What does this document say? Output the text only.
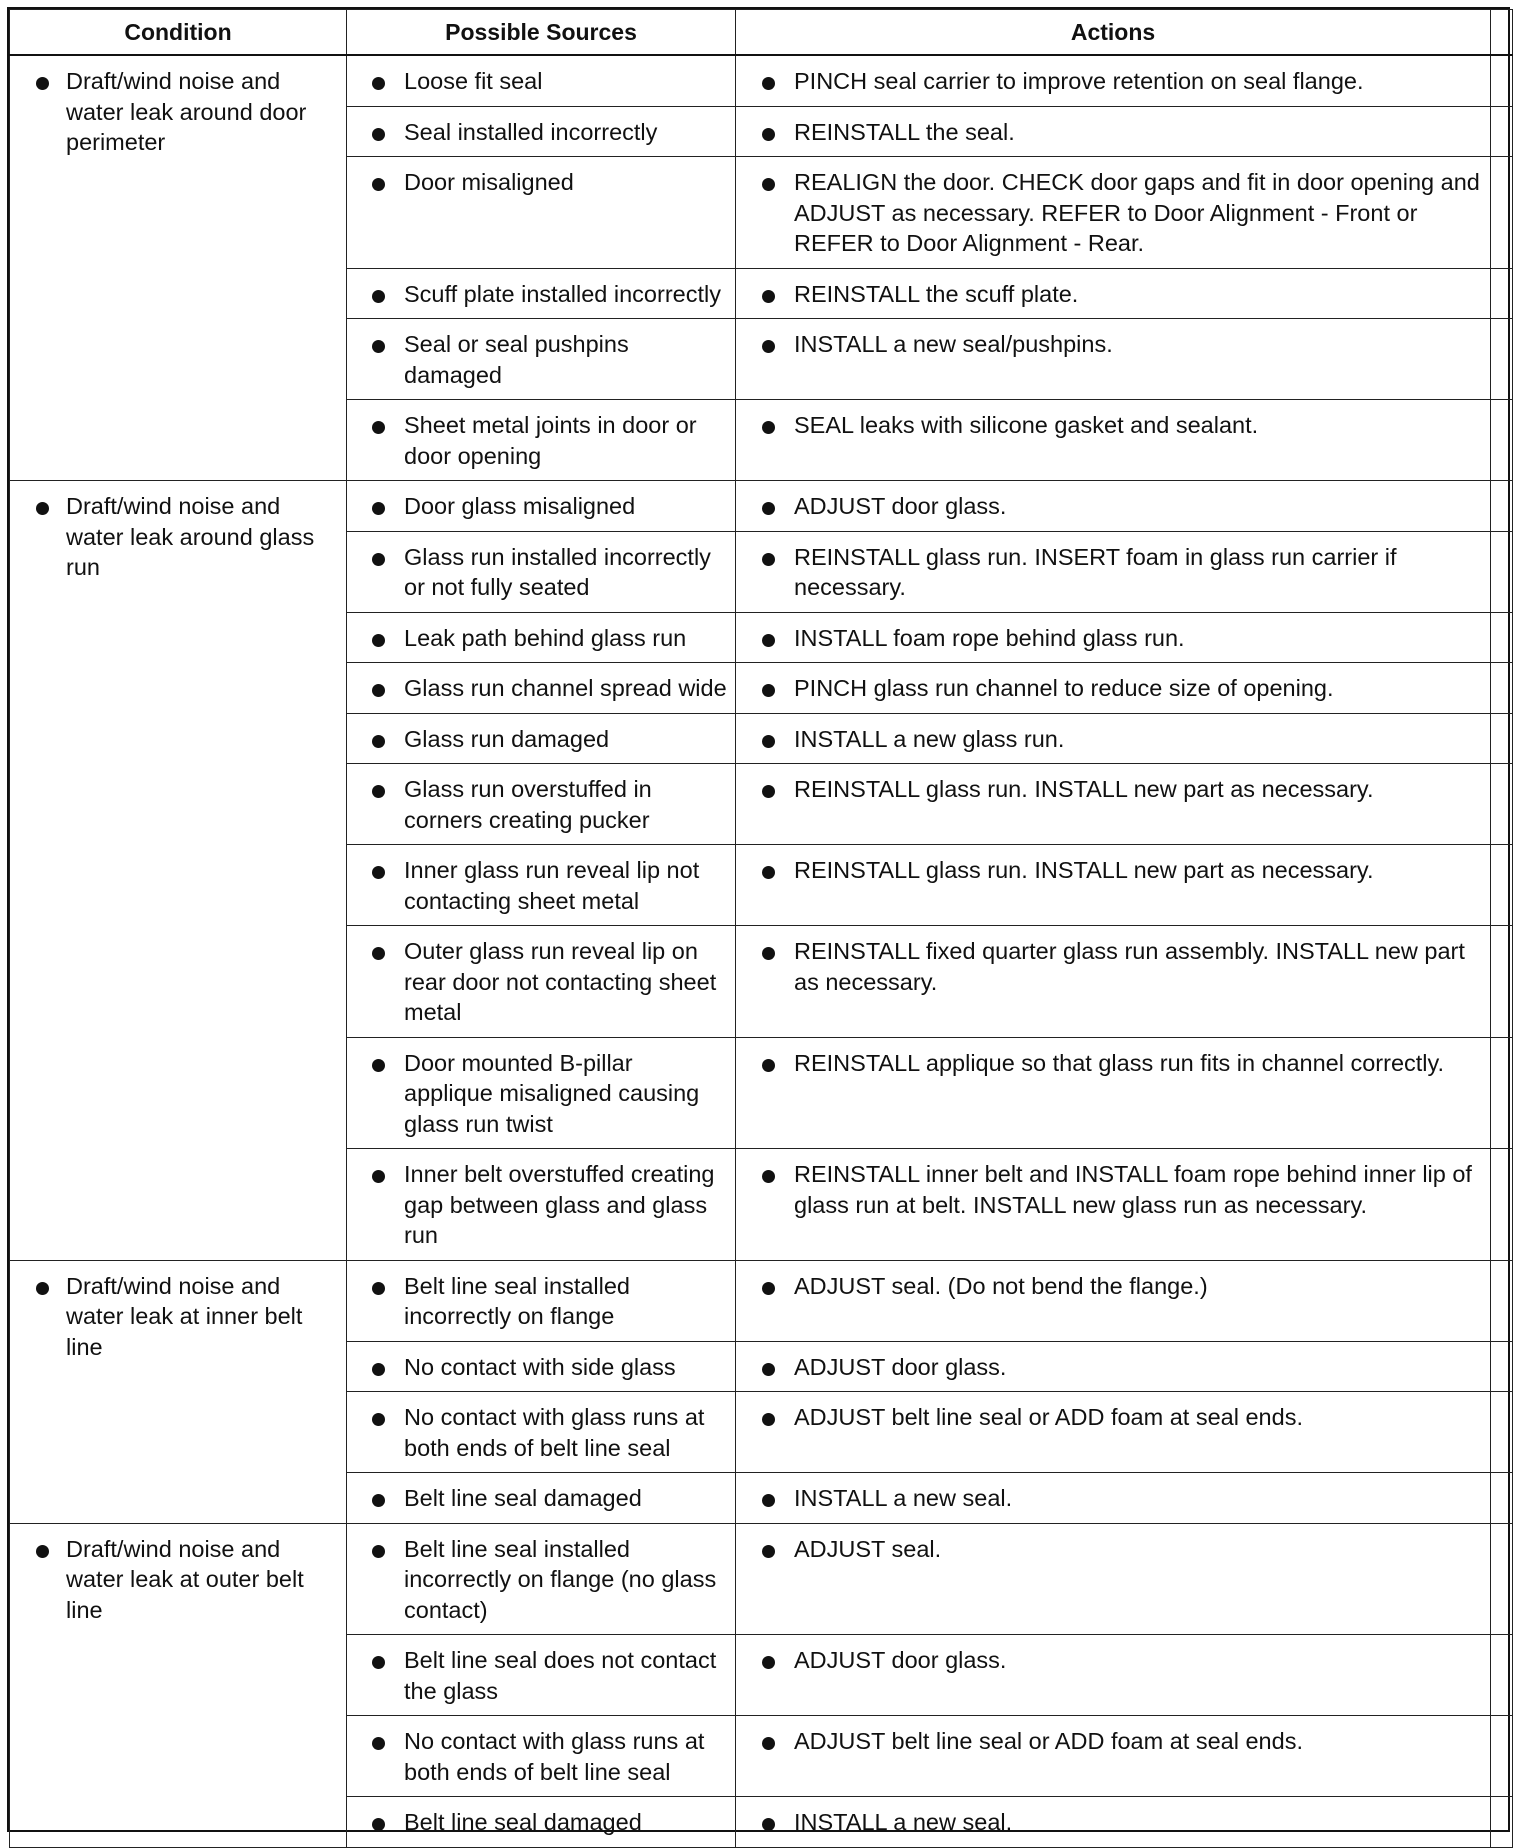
Condition	Possible Sources	Actions	

Draft/wind noise and water leak around door perimeter	Loose fit seal	PINCH seal carrier to improve retention on seal flange.	

Seal installed incorrectly	REINSTALL the seal.	

Door misaligned	REALIGN the door. CHECK door gaps and fit in door opening and ADJUST as necessary. REFER to Door Alignment - Front or REFER to Door Alignment - Rear.	

Scuff plate installed incorrectly	REINSTALL the scuff plate.	

Seal or seal pushpins damaged	INSTALL a new seal/pushpins.	

Sheet metal joints in door or door opening	SEAL leaks with silicone gasket and sealant.	

Draft/wind noise and water leak around glass run	Door glass misaligned	ADJUST door glass.	

Glass run installed incorrectly or not fully seated	REINSTALL glass run. INSERT foam in glass run carrier if necessary.	

Leak path behind glass run	INSTALL foam rope behind glass run.	

Glass run channel spread wide	PINCH glass run channel to reduce size of opening.	

Glass run damaged	INSTALL a new glass run.	

Glass run overstuffed in corners creating pucker	REINSTALL glass run. INSTALL new part as necessary.	

Inner glass run reveal lip not contacting sheet metal	REINSTALL glass run. INSTALL new part as necessary.	

Outer glass run reveal lip on rear door not contacting sheet metal	REINSTALL fixed quarter glass run assembly. INSTALL new part as necessary.	

Door mounted B-pillar applique misaligned causing glass run twist	REINSTALL applique so that glass run fits in channel correctly.	

Inner belt overstuffed creating gap between glass and glass run	REINSTALL inner belt and INSTALL foam rope behind inner lip of glass run at belt. INSTALL new glass run as necessary.	

Draft/wind noise and water leak at inner belt line	Belt line seal installed incorrectly on flange	ADJUST seal. (Do not bend the flange.)	

No contact with side glass	ADJUST door glass.	

No contact with glass runs at both ends of belt line seal	ADJUST belt line seal or ADD foam at seal ends.	

Belt line seal damaged	INSTALL a new seal.	

Draft/wind noise and water leak at outer belt line	Belt line seal installed incorrectly on flange (no glass contact)	ADJUST seal.	

Belt line seal does not contact the glass	ADJUST door glass.	

No contact with glass runs at both ends of belt line seal	ADJUST belt line seal or ADD foam at seal ends.	

Belt line seal damaged	INSTALL a new seal.	
